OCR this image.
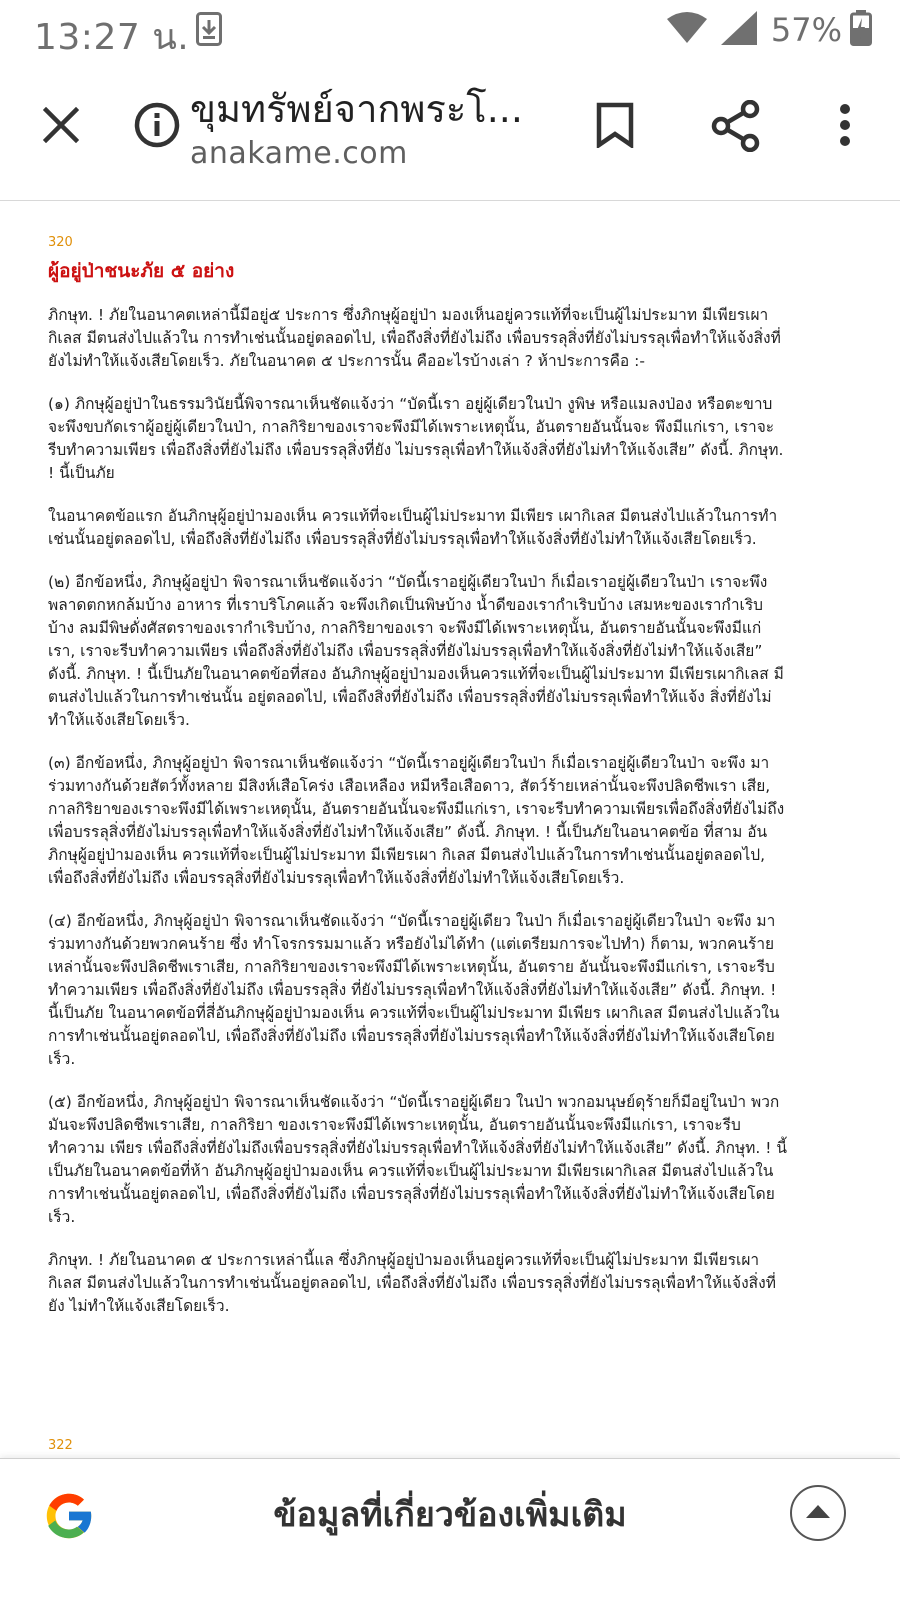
13:27 น.	57%
ขุมทรัพย์จากพระโ...
anakame.com
320
ผู้อยู่ป่าชนะภัย ๕ อย่าง

ภิกษุท. ! ภัยในอนาคตเหล่านี้มีอยู่๕ ประการ ซึ่งภิกษุผู้อยู่ป่า มองเห็นอยู่ควรแท้ที่จะเป็นผู้ไม่ประมาท มีเพียรเผากิเลส มีตนส่งไปแล้วใน การทำเช่นนั้นอยู่ตลอดไป, เพื่อถึงสิ่งที่ยังไม่ถึง เพื่อบรรลุสิ่งที่ยังไม่บรรลุเพื่อทำให้แจ้งสิ่งที่ยังไม่ทำให้แจ้งเสียโดยเร็ว. ภัยในอนาคต ๕ ประการนั้น คืออะไรบ้างเล่า ? ห้าประการคือ :-

(๑) ภิกษุผู้อยู่ป่าในธรรมวินัยนี้พิจารณาเห็นชัดแจ้งว่า “บัดนี้เรา อยู่ผู้เดียวในป่า งูพิษ หรือแมลงป่อง หรือตะขาบ จะพึงขบกัดเราผู้อยู่ผู้เดียวในป่า, กาลกิริยาของเราจะพึงมีได้เพราะเหตุนั้น, อันตรายอันนั้นจะ พึงมีแก่เรา, เราจะรีบทำความเพียร เพื่อถึงสิ่งที่ยังไม่ถึง เพื่อบรรลุสิ่งที่ยัง ไม่บรรลุเพื่อทำให้แจ้งสิ่งที่ยังไม่ทำให้แจ้งเสีย” ดังนี้. ภิกษุท. ! นี้เป็นภัย

ในอนาคตข้อแรก อันภิกษุผู้อยู่ป่ามองเห็น ควรแท้ที่จะเป็นผู้ไม่ประมาท มีเพียร เผากิเลส มีตนส่งไปแล้วในการทำเช่นนั้นอยู่ตลอดไป, เพื่อถึงสิ่งที่ยังไม่ถึง เพื่อบรรลุสิ่งที่ยังไม่บรรลุเพื่อทำให้แจ้งสิ่งที่ยังไม่ทำให้แจ้งเสียโดยเร็ว.

(๒) อีกข้อหนึ่ง, ภิกษุผู้อยู่ป่า พิจารณาเห็นชัดแจ้งว่า “บัดนี้เราอยู่ผู้เดียวในป่า ก็เมื่อเราอยู่ผู้เดียวในป่า เราจะพึงพลาดตกหกล้มบ้าง อาหาร ที่เราบริโภคแล้ว จะพึงเกิดเป็นพิษบ้าง น้ำดีของเรากำเริบบ้าง เสมหะของเรากำเริบบ้าง ลมมีพิษดั่งศัสตราของเรากำเริบบ้าง, กาลกิริยาของเรา จะพึงมีได้เพราะเหตุนั้น, อันตรายอันนั้นจะพึงมีแก่เรา, เราจะรีบทำความเพียร เพื่อถึงสิ่งที่ยังไม่ถึง เพื่อบรรลุสิ่งที่ยังไม่บรรลุเพื่อทำให้แจ้งสิ่งที่ยังไม่ทำให้แจ้งเสีย” ดังนี้. ภิกษุท. ! นี้เป็นภัยในอนาคตข้อที่สอง อันภิกษุผู้อยู่ป่ามองเห็นควรแท้ที่จะเป็นผู้ไม่ประมาท มีเพียรเผากิเลส มีตนส่งไปแล้วในการทำเช่นนั้น อยู่ตลอดไป, เพื่อถึงสิ่งที่ยังไม่ถึง เพื่อบรรลุสิ่งที่ยังไม่บรรลุเพื่อทำให้แจ้ง สิ่งที่ยังไม่ทำให้แจ้งเสียโดยเร็ว.

(๓) อีกข้อหนึ่ง, ภิกษุผู้อยู่ป่า พิจารณาเห็นชัดแจ้งว่า “บัดนี้เราอยู่ผู้เดียวในป่า ก็เมื่อเราอยู่ผู้เดียวในป่า จะพึง มาร่วมทางกันด้วยสัตว์ทั้งหลาย มีสิงห์เสือโคร่ง เสือเหลือง หมีหรือเสือดาว, สัตว์ร้ายเหล่านั้นจะพึงปลิดชีพเรา เสีย, กาลกิริยาของเราจะพึงมีได้เพราะเหตุนั้น, อันตรายอันนั้นจะพึงมีแก่เรา, เราจะรีบทำความเพียรเพื่อถึงสิ่งที่ยังไม่ถึง เพื่อบรรลุสิ่งที่ยังไม่บรรลุเพื่อทำให้แจ้งสิ่งที่ยังไม่ทำให้แจ้งเสีย” ดังนี้. ภิกษุท. ! นี้เป็นภัยในอนาคตข้อ ที่สาม อันภิกษุผู้อยู่ป่ามองเห็น ควรแท้ที่จะเป็นผู้ไม่ประมาท มีเพียรเผา กิเลส มีตนส่งไปแล้วในการทำเช่นนั้นอยู่ตลอดไป, เพื่อถึงสิ่งที่ยังไม่ถึง เพื่อบรรลุสิ่งที่ยังไม่บรรลุเพื่อทำให้แจ้งสิ่งที่ยังไม่ทำให้แจ้งเสียโดยเร็ว.

(๔) อีกข้อหนึ่ง, ภิกษุผู้อยู่ป่า พิจารณาเห็นชัดแจ้งว่า “บัดนี้เราอยู่ผู้เดียว ในป่า ก็เมื่อเราอยู่ผู้เดียวในป่า จะพึง มาร่วมทางกันด้วยพวกคนร้าย ซึ่ง ทำโจรกรรมมาแล้ว หรือยังไม่ได้ทำ (แต่เตรียมการจะไปทำ) ก็ตาม, พวกคนร้าย เหล่านั้นจะพึงปลิดชีพเราเสีย, กาลกิริยาของเราจะพึงมีได้เพราะเหตุนั้น, อันตราย อันนั้นจะพึงมีแก่เรา, เราจะรีบทำความเพียร เพื่อถึงสิ่งที่ยังไม่ถึง เพื่อบรรลุสิ่ง ที่ยังไม่บรรลุเพื่อทำให้แจ้งสิ่งที่ยังไม่ทำให้แจ้งเสีย” ดังนี้. ภิกษุท. ! นี้เป็นภัย ในอนาคตข้อที่สี่อันภิกษุผู้อยู่ป่ามองเห็น ควรแท้ที่จะเป็นผู้ไม่ประมาท มีเพียร เผากิเลส มีตนส่งไปแล้วในการทำเช่นนั้นอยู่ตลอดไป, เพื่อถึงสิ่งที่ยังไม่ถึง เพื่อบรรลุสิ่งที่ยังไม่บรรลุเพื่อทำให้แจ้งสิ่งที่ยังไม่ทำให้แจ้งเสียโดยเร็ว.

(๕) อีกข้อหนึ่ง, ภิกษุผู้อยู่ป่า พิจารณาเห็นชัดแจ้งว่า “บัดนี้เราอยู่ผู้เดียว ในป่า พวกอมนุษย์ดุร้ายก็มีอยู่ในป่า พวกมันจะพึงปลิดชีพเราเสีย, กาลกิริยา ของเราจะพึงมีได้เพราะเหตุนั้น, อันตรายอันนั้นจะพึงมีแก่เรา, เราจะรีบทำความ เพียร เพื่อถึงสิ่งที่ยังไม่ถึงเพื่อบรรลุสิ่งที่ยังไม่บรรลุเพื่อทำให้แจ้งสิ่งที่ยังไม่ทำให้แจ้งเสีย” ดังนี้. ภิกษุท. ! นี้เป็นภัยในอนาคตข้อที่ห้า อันภิกษุผู้อยู่ป่ามองเห็น ควรแท้ที่จะเป็นผู้ไม่ประมาท มีเพียรเผากิเลส มีตนส่งไปแล้วในการทำเช่นนั้นอยู่ตลอดไป, เพื่อถึงสิ่งที่ยังไม่ถึง เพื่อบรรลุสิ่งที่ยังไม่บรรลุเพื่อทำให้แจ้งสิ่งที่ยังไม่ทำให้แจ้งเสียโดยเร็ว.

ภิกษุท. ! ภัยในอนาคต ๕ ประการเหล่านี้แล ซึ่งภิกษุผู้อยู่ป่ามองเห็นอยู่ควรแท้ที่จะเป็นผู้ไม่ประมาท มีเพียรเผากิเลส มีตนส่งไปแล้วในการทำเช่นนั้นอยู่ตลอดไป, เพื่อถึงสิ่งที่ยังไม่ถึง เพื่อบรรลุสิ่งที่ยังไม่บรรลุเพื่อทำให้แจ้งสิ่งที่ยัง ไม่ทำให้แจ้งเสียโดยเร็ว.

322
ข้อมูลที่เกี่ยวข้องเพิ่มเติม
